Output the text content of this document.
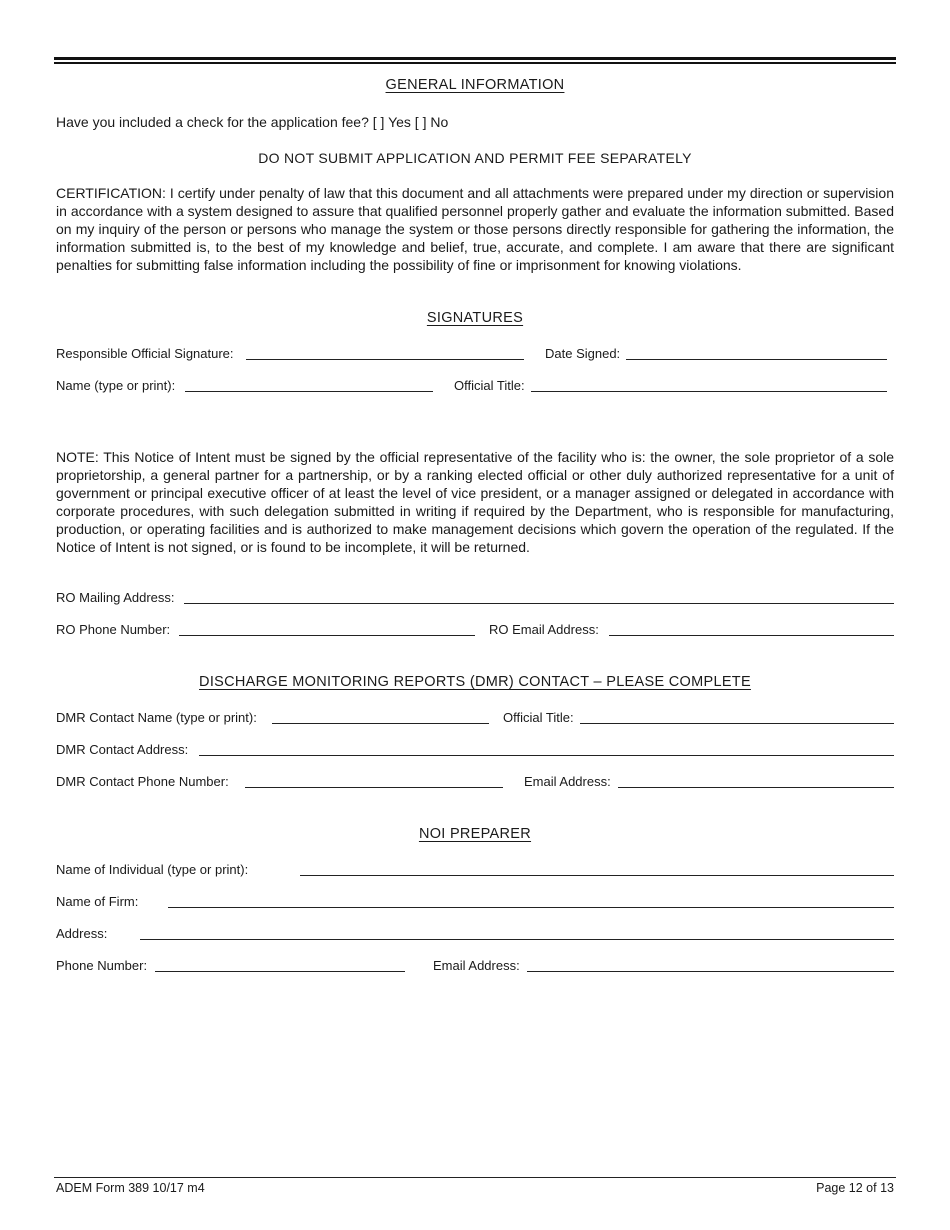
GENERAL INFORMATION
Have you included a check for the application fee? [ ] Yes [ ] No
DO NOT SUBMIT APPLICATION AND PERMIT FEE SEPARATELY

CERTIFICATION: I certify under penalty of law that this document and all attachments were prepared under my direction or supervision in accordance with a system designed to assure that qualified personnel properly gather and evaluate the information submitted. Based on my inquiry of the person or persons who manage the system or those persons directly responsible for gathering the information, the information submitted is, to the best of my knowledge and belief, true, accurate, and complete. I am aware that there are significant penalties for submitting false information including the possibility of fine or imprisonment for knowing violations.

SIGNATURES
Responsible Official Signature:	Date Signed:
Name (type or print):	Official Title:

NOTE: This Notice of Intent must be signed by the official representative of the facility who is: the owner, the sole proprietor of a sole proprietorship, a general partner for a partnership, or by a ranking elected official or other duly authorized representative for a unit of government or principal executive officer of at least the level of vice president, or a manager assigned or delegated in accordance with corporate procedures, with such delegation submitted in writing if required by the Department, who is responsible for manufacturing, production, or operating facilities and is authorized to make management decisions which govern the operation of the regulated. If the Notice of Intent is not signed, or is found to be incomplete, it will be returned.

RO Mailing Address:
RO Phone Number:	RO Email Address:
DISCHARGE MONITORING REPORTS (DMR) CONTACT – PLEASE COMPLETE
DMR Contact Name (type or print):	Official Title:
DMR Contact Address:
DMR Contact Phone Number:	Email Address:
NOI PREPARER
Name of Individual (type or print):
Name of Firm:
Address:
Phone Number:	Email Address:
ADEM Form 389 10/17 m4	Page 12 of 13
